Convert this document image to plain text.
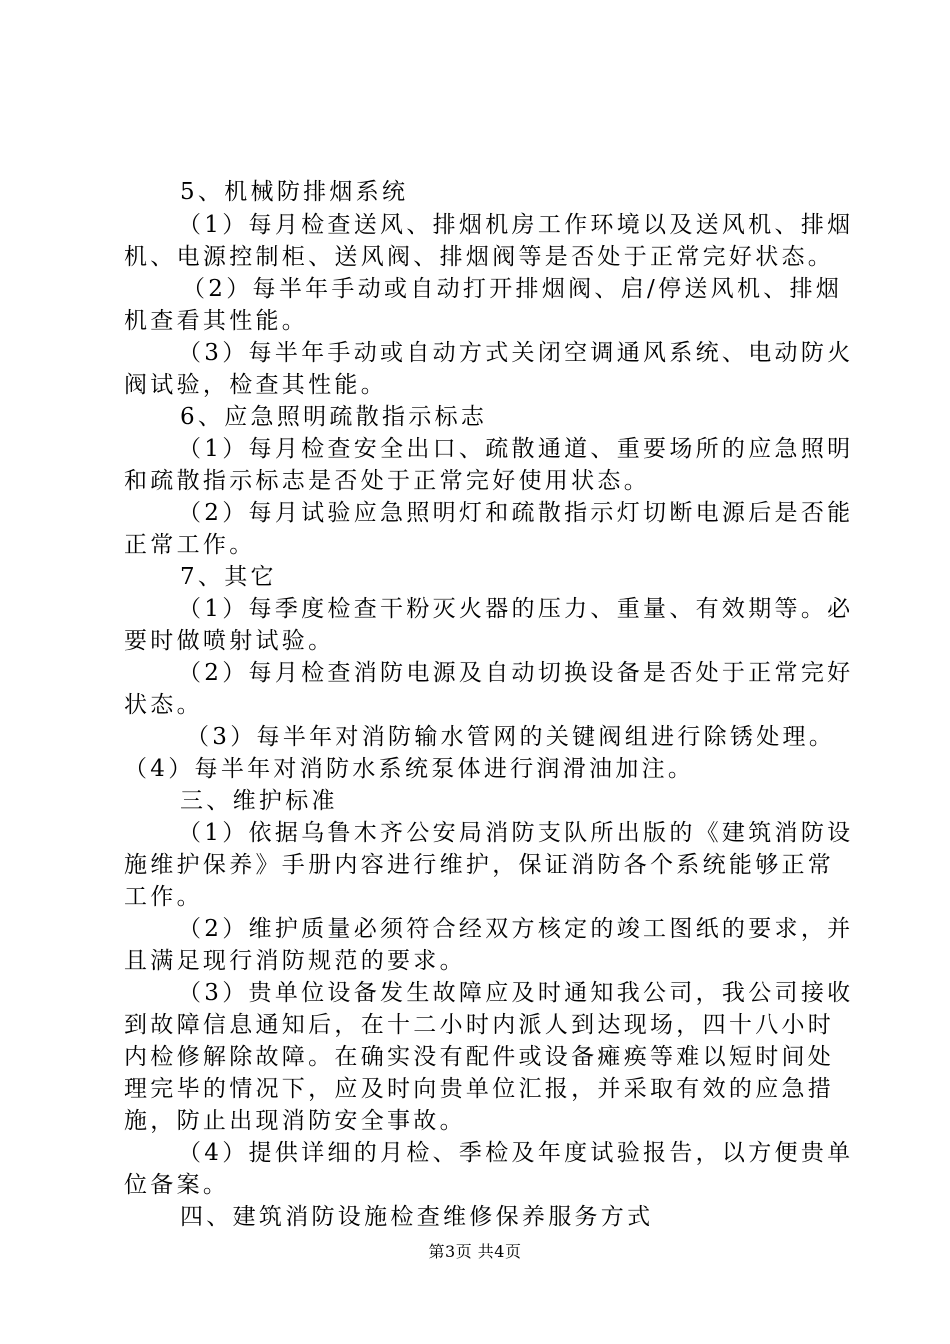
5、机械防排烟系统
（1）每月检查送风、排烟机房工作环境以及送风机、排烟
机、电源控制柜、送风阀、排烟阀等是否处于正常完好状态。
（2）每半年手动或自动打开排烟阀、启/停送风机、排烟
机查看其性能。
（3）每半年手动或自动方式关闭空调通风系统、电动防火
阀试验，检查其性能。
6、应急照明疏散指示标志
（1）每月检查安全出口、疏散通道、重要场所的应急照明
和疏散指示标志是否处于正常完好使用状态。
（2）每月试验应急照明灯和疏散指示灯切断电源后是否能
正常工作。
7、其它
（1）每季度检查干粉灭火器的压力、重量、有效期等。必
要时做喷射试验。
（2）每月检查消防电源及自动切换设备是否处于正常完好
状态。
（3）每半年对消防输水管网的关键阀组进行除锈处理。
（4）每半年对消防水系统泵体进行润滑油加注。
三、维护标准
（1）依据乌鲁木齐公安局消防支队所出版的《建筑消防设
施维护保养》手册内容进行维护，保证消防各个系统能够正常
工作。
（2）维护质量必须符合经双方核定的竣工图纸的要求，并
且满足现行消防规范的要求。
（3）贵单位设备发生故障应及时通知我公司，我公司接收
到故障信息通知后，在十二小时内派人到达现场，四十八小时
内检修解除故障。在确实没有配件或设备瘫痪等难以短时间处
理完毕的情况下，应及时向贵单位汇报，并采取有效的应急措
施，防止出现消防安全事故。
（4）提供详细的月检、季检及年度试验报告，以方便贵单
位备案。
四、建筑消防设施检查维修保养服务方式
第3页 共4页
